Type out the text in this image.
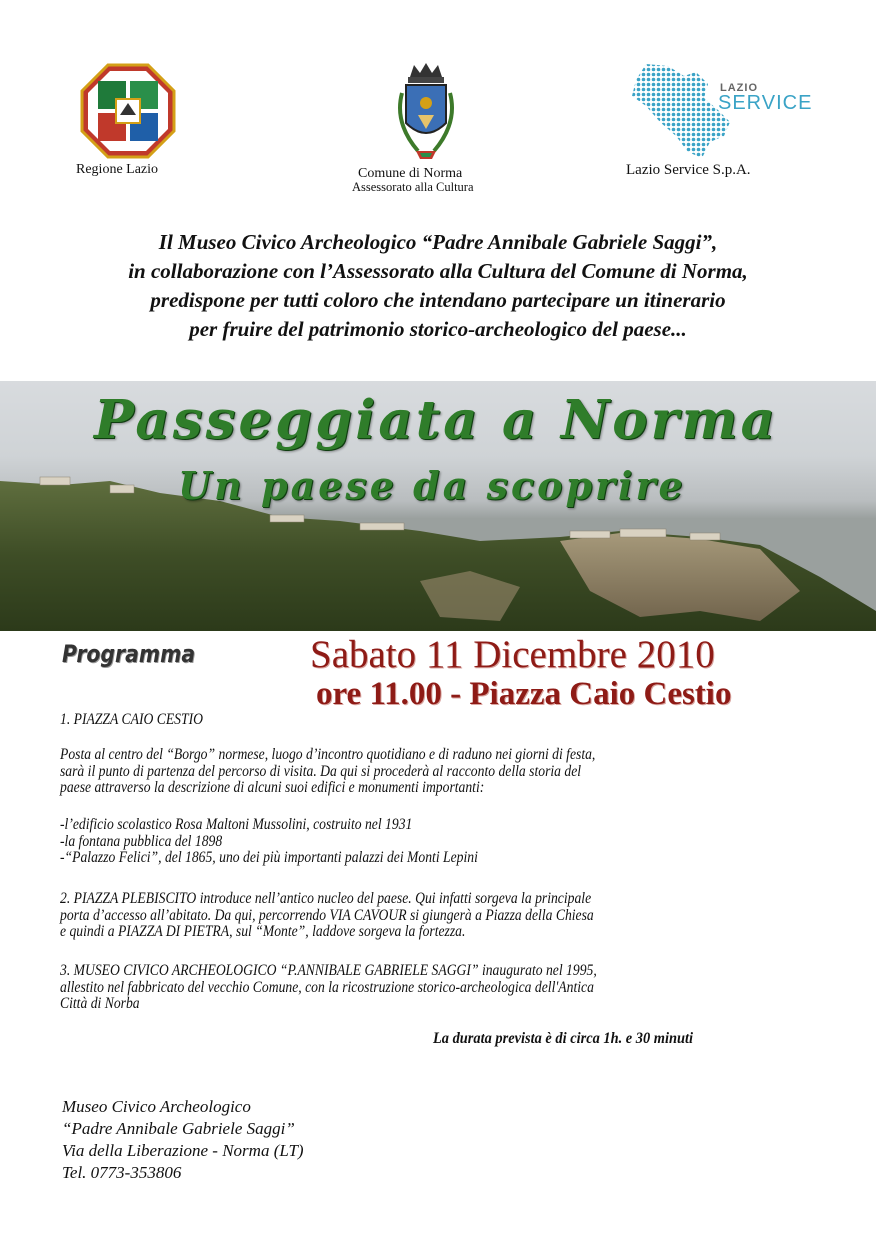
Regione Lazio	Comune di Norma
Assessorato alla Cultura
LAZIO
SERVICE
Lazio Service S.p.A.
Il Museo Civico Archeologico “Padre Annibale Gabriele Saggi”,
in collaborazione con l’Assessorato alla Cultura del Comune di Norma,
predispone per tutti coloro che intendano partecipare un itinerario
per fruire del patrimonio storico-archeologico del paese...
Passeggiata a Norma
Un paese da scoprire
Programma	Sabato 11 Dicembre 2010
ore 11.00 - Piazza Caio Cestio
1. PIAZZA CAIO CESTIO
Posta al centro del “Borgo” normese, luogo d’incontro quotidiano e di raduno nei giorni di festa,
sarà il punto di partenza del percorso di visita. Da qui si procederà al racconto della storia del
paese attraverso la descrizione di alcuni suoi edifici e monumenti importanti:
-l’edificio scolastico Rosa Maltoni Mussolini, costruito nel 1931
-la fontana pubblica del 1898
-“Palazzo Felici”, del 1865, uno dei più importanti palazzi dei Monti Lepini
2. PIAZZA PLEBISCITO introduce nell’antico nucleo del paese. Qui infatti sorgeva la principale
porta d’accesso all’abitato. Da qui, percorrendo VIA CAVOUR si giungerà a Piazza della Chiesa
e quindi a PIAZZA DI PIETRA, sul “Monte”, laddove sorgeva la fortezza.
3. MUSEO CIVICO ARCHEOLOGICO “P.ANNIBALE GABRIELE SAGGI” inaugurato nel 1995,
allestito nel fabbricato del vecchio Comune, con la ricostruzione storico-archeologica dell'Antica
Città di Norba
La durata prevista è di circa 1h. e 30 minuti
Museo Civico Archeologico
“Padre Annibale Gabriele Saggi”
Via della Liberazione - Norma (LT)
Tel. 0773-353806
